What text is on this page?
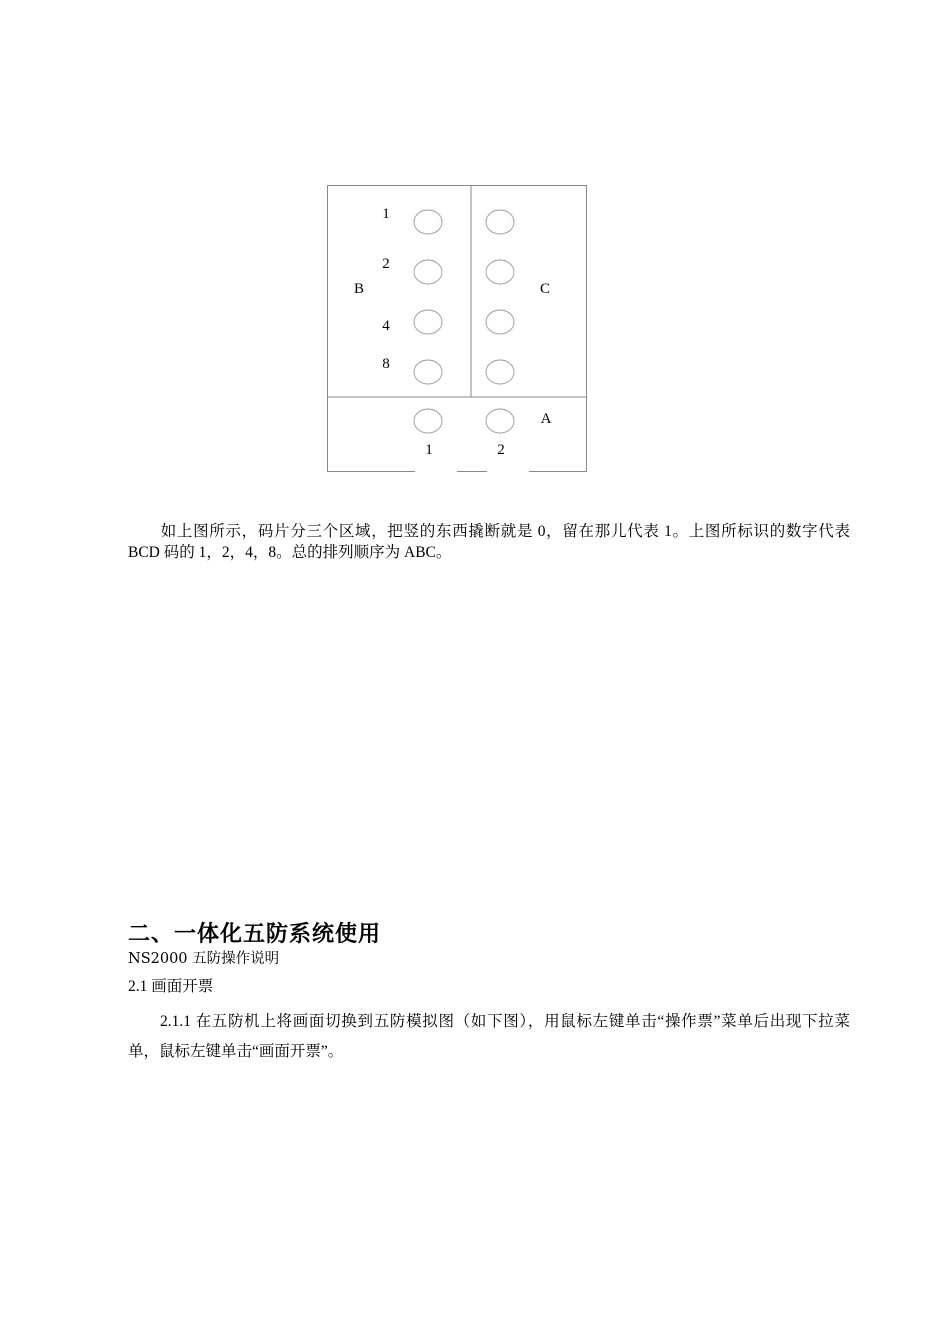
1
2
4
8
B	C
A
1	2

如上图所示，码片分三个区域，把竖的东西撬断就是 0，留在那儿代表 1。上图所标识的数字代表 BCD 码的 1，2，4，8。总的排列顺序为 ABC。

二、一体化五防系统使用
NS2000 五防操作说明
2.1 画面开票

2.1.1 在五防机上将画面切换到五防模拟图（如下图），用鼠标左键单击“操作票”菜单后出现下拉菜单，鼠标左键单击“画面开票”。
